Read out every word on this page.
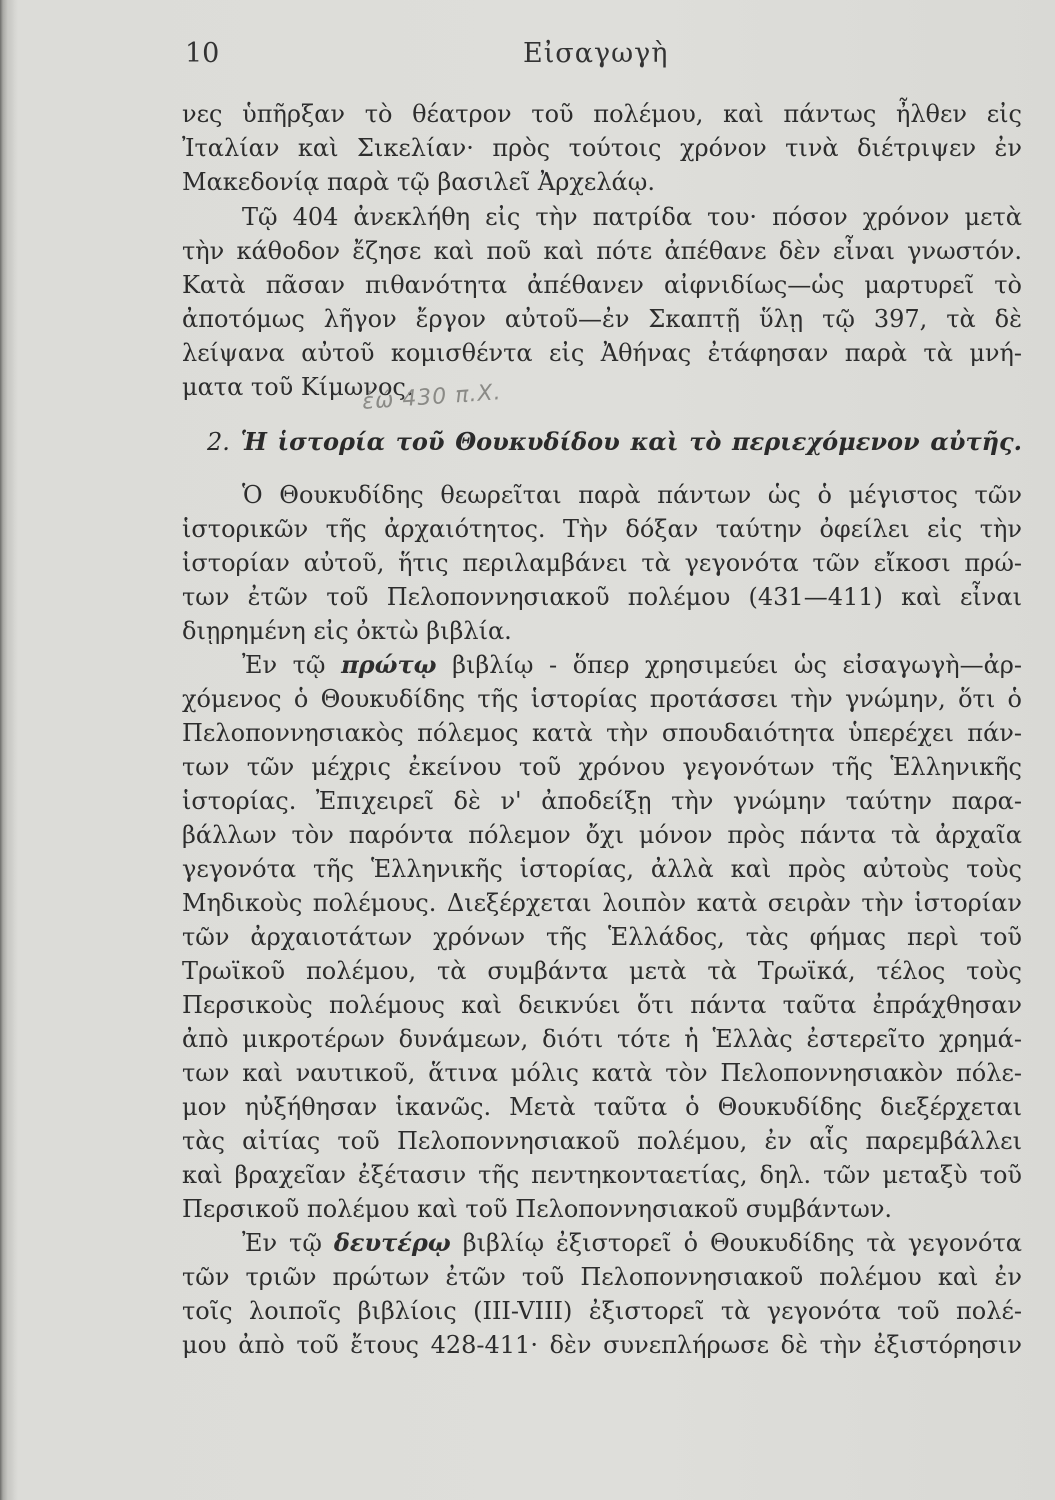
10	Εἰσαγωγὴ
νες ὑπῆρξαν τὸ θέατρον τοῦ πολέμου, καὶ πάντως ἦλθεν εἰς
Ἰταλίαν καὶ Σικελίαν· πρὸς τούτοις χρόνον τινὰ διέτριψεν ἐν
Μακεδονίᾳ παρὰ τῷ βασιλεῖ Ἀρχελάῳ.
Τῷ 404 ἀνεκλήθη εἰς τὴν πατρίδα του· πόσον χρόνον μετὰ
τὴν κάθοδον ἔζησε καὶ ποῦ καὶ πότε ἀπέθανε δὲν εἶναι γνωστόν.
Κατὰ πᾶσαν πιθανότητα ἀπέθανεν αἰφνιδίως—ὡς μαρτυρεῖ τὸ
ἀποτόμως λῆγον ἔργον αὐτοῦ—ἐν Σκαπτῇ ὕλῃ τῷ 397, τὰ δὲ
λείψανα αὐτοῦ κομισθέντα εἰς Ἀθήνας ἐτάφησαν παρὰ τὰ μνή-
ματα τοῦ Κίμωνος.
ἐώ 430 π.Χ.
2. Ἡ ἱστορία τοῦ Θουκυδίδου καὶ τὸ περιεχόμενον αὐτῆς.
Ὁ Θουκυδίδης θεωρεῖται παρὰ πάντων ὡς ὁ μέγιστος τῶν
ἱστορικῶν τῆς ἀρχαιότητος. Τὴν δόξαν ταύτην ὀφείλει εἰς τὴν
ἱστορίαν αὐτοῦ, ἥτις περιλαμβάνει τὰ γεγονότα τῶν εἴκοσι πρώ-
των ἐτῶν τοῦ Πελοποννησιακοῦ πολέμου (431—411) καὶ εἶναι
διῃρημένη εἰς ὀκτὼ βιβλία.
Ἐν τῷ πρώτῳ βιβλίῳ - ὅπερ χρησιμεύει ὡς εἰσαγωγὴ—ἀρ-
χόμενος ὁ Θουκυδίδης τῆς ἱστορίας προτάσσει τὴν γνώμην, ὅτι ὁ
Πελοποννησιακὸς πόλεμος κατὰ τὴν σπουδαιότητα ὑπερέχει πάν-
των τῶν μέχρις ἐκείνου τοῦ χρόνου γεγονότων τῆς Ἑλληνικῆς
ἱστορίας. Ἐπιχειρεῖ δὲ ν' ἀποδείξῃ τὴν γνώμην ταύτην παρα-
βάλλων τὸν παρόντα πόλεμον ὄχι μόνον πρὸς πάντα τὰ ἀρχαῖα
γεγονότα τῆς Ἑλληνικῆς ἱστορίας, ἀλλὰ καὶ πρὸς αὐτοὺς τοὺς
Μηδικοὺς πολέμους. Διεξέρχεται λοιπὸν κατὰ σειρὰν τὴν ἱστορίαν
τῶν ἀρχαιοτάτων χρόνων τῆς Ἑλλάδος, τὰς φήμας περὶ τοῦ
Τρωϊκοῦ πολέμου, τὰ συμβάντα μετὰ τὰ Τρωϊκά, τέλος τοὺς
Περσικοὺς πολέμους καὶ δεικνύει ὅτι πάντα ταῦτα ἐπράχθησαν
ἀπὸ μικροτέρων δυνάμεων, διότι τότε ἡ Ἑλλὰς ἐστερεῖτο χρημά-
των καὶ ναυτικοῦ, ἅτινα μόλις κατὰ τὸν Πελοποννησιακὸν πόλε-
μον ηὐξήθησαν ἱκανῶς. Μετὰ ταῦτα ὁ Θουκυδίδης διεξέρχεται
τὰς αἰτίας τοῦ Πελοποννησιακοῦ πολέμου, ἐν αἷς παρεμβάλλει
καὶ βραχεῖαν ἐξέτασιν τῆς πεντηκονταετίας, δηλ. τῶν μεταξὺ τοῦ
Περσικοῦ πολέμου καὶ τοῦ Πελοποννησιακοῦ συμβάντων.
Ἐν τῷ δευτέρῳ βιβλίῳ ἐξιστορεῖ ὁ Θουκυδίδης τὰ γεγονότα
τῶν τριῶν πρώτων ἐτῶν τοῦ Πελοποννησιακοῦ πολέμου καὶ ἐν
τοῖς λοιποῖς βιβλίοις (III-VIII) ἐξιστορεῖ τὰ γεγονότα τοῦ πολέ-
μου ἀπὸ τοῦ ἔτους 428-411· δὲν συνεπλήρωσε δὲ τὴν ἐξιστόρησιν
